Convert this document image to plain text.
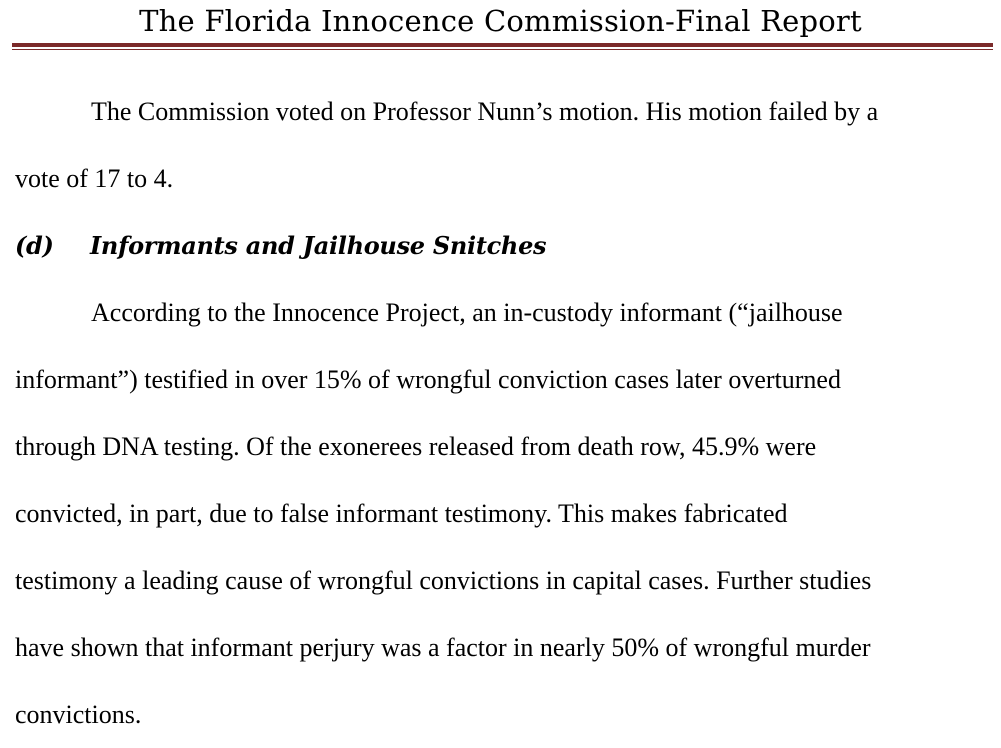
The Florida Innocence Commission-Final Report
The Commission voted on Professor Nunn’s motion. His motion failed by a
vote of 17 to 4.
(d) Informants and Jailhouse Snitches
According to the Innocence Project, an in-custody informant (“jailhouse
informant”) testified in over 15% of wrongful conviction cases later overturned
through DNA testing. Of the exonerees released from death row, 45.9% were
convicted, in part, due to false informant testimony. This makes fabricated
testimony a leading cause of wrongful convictions in capital cases. Further studies
have shown that informant perjury was a factor in nearly 50% of wrongful murder
convictions.
